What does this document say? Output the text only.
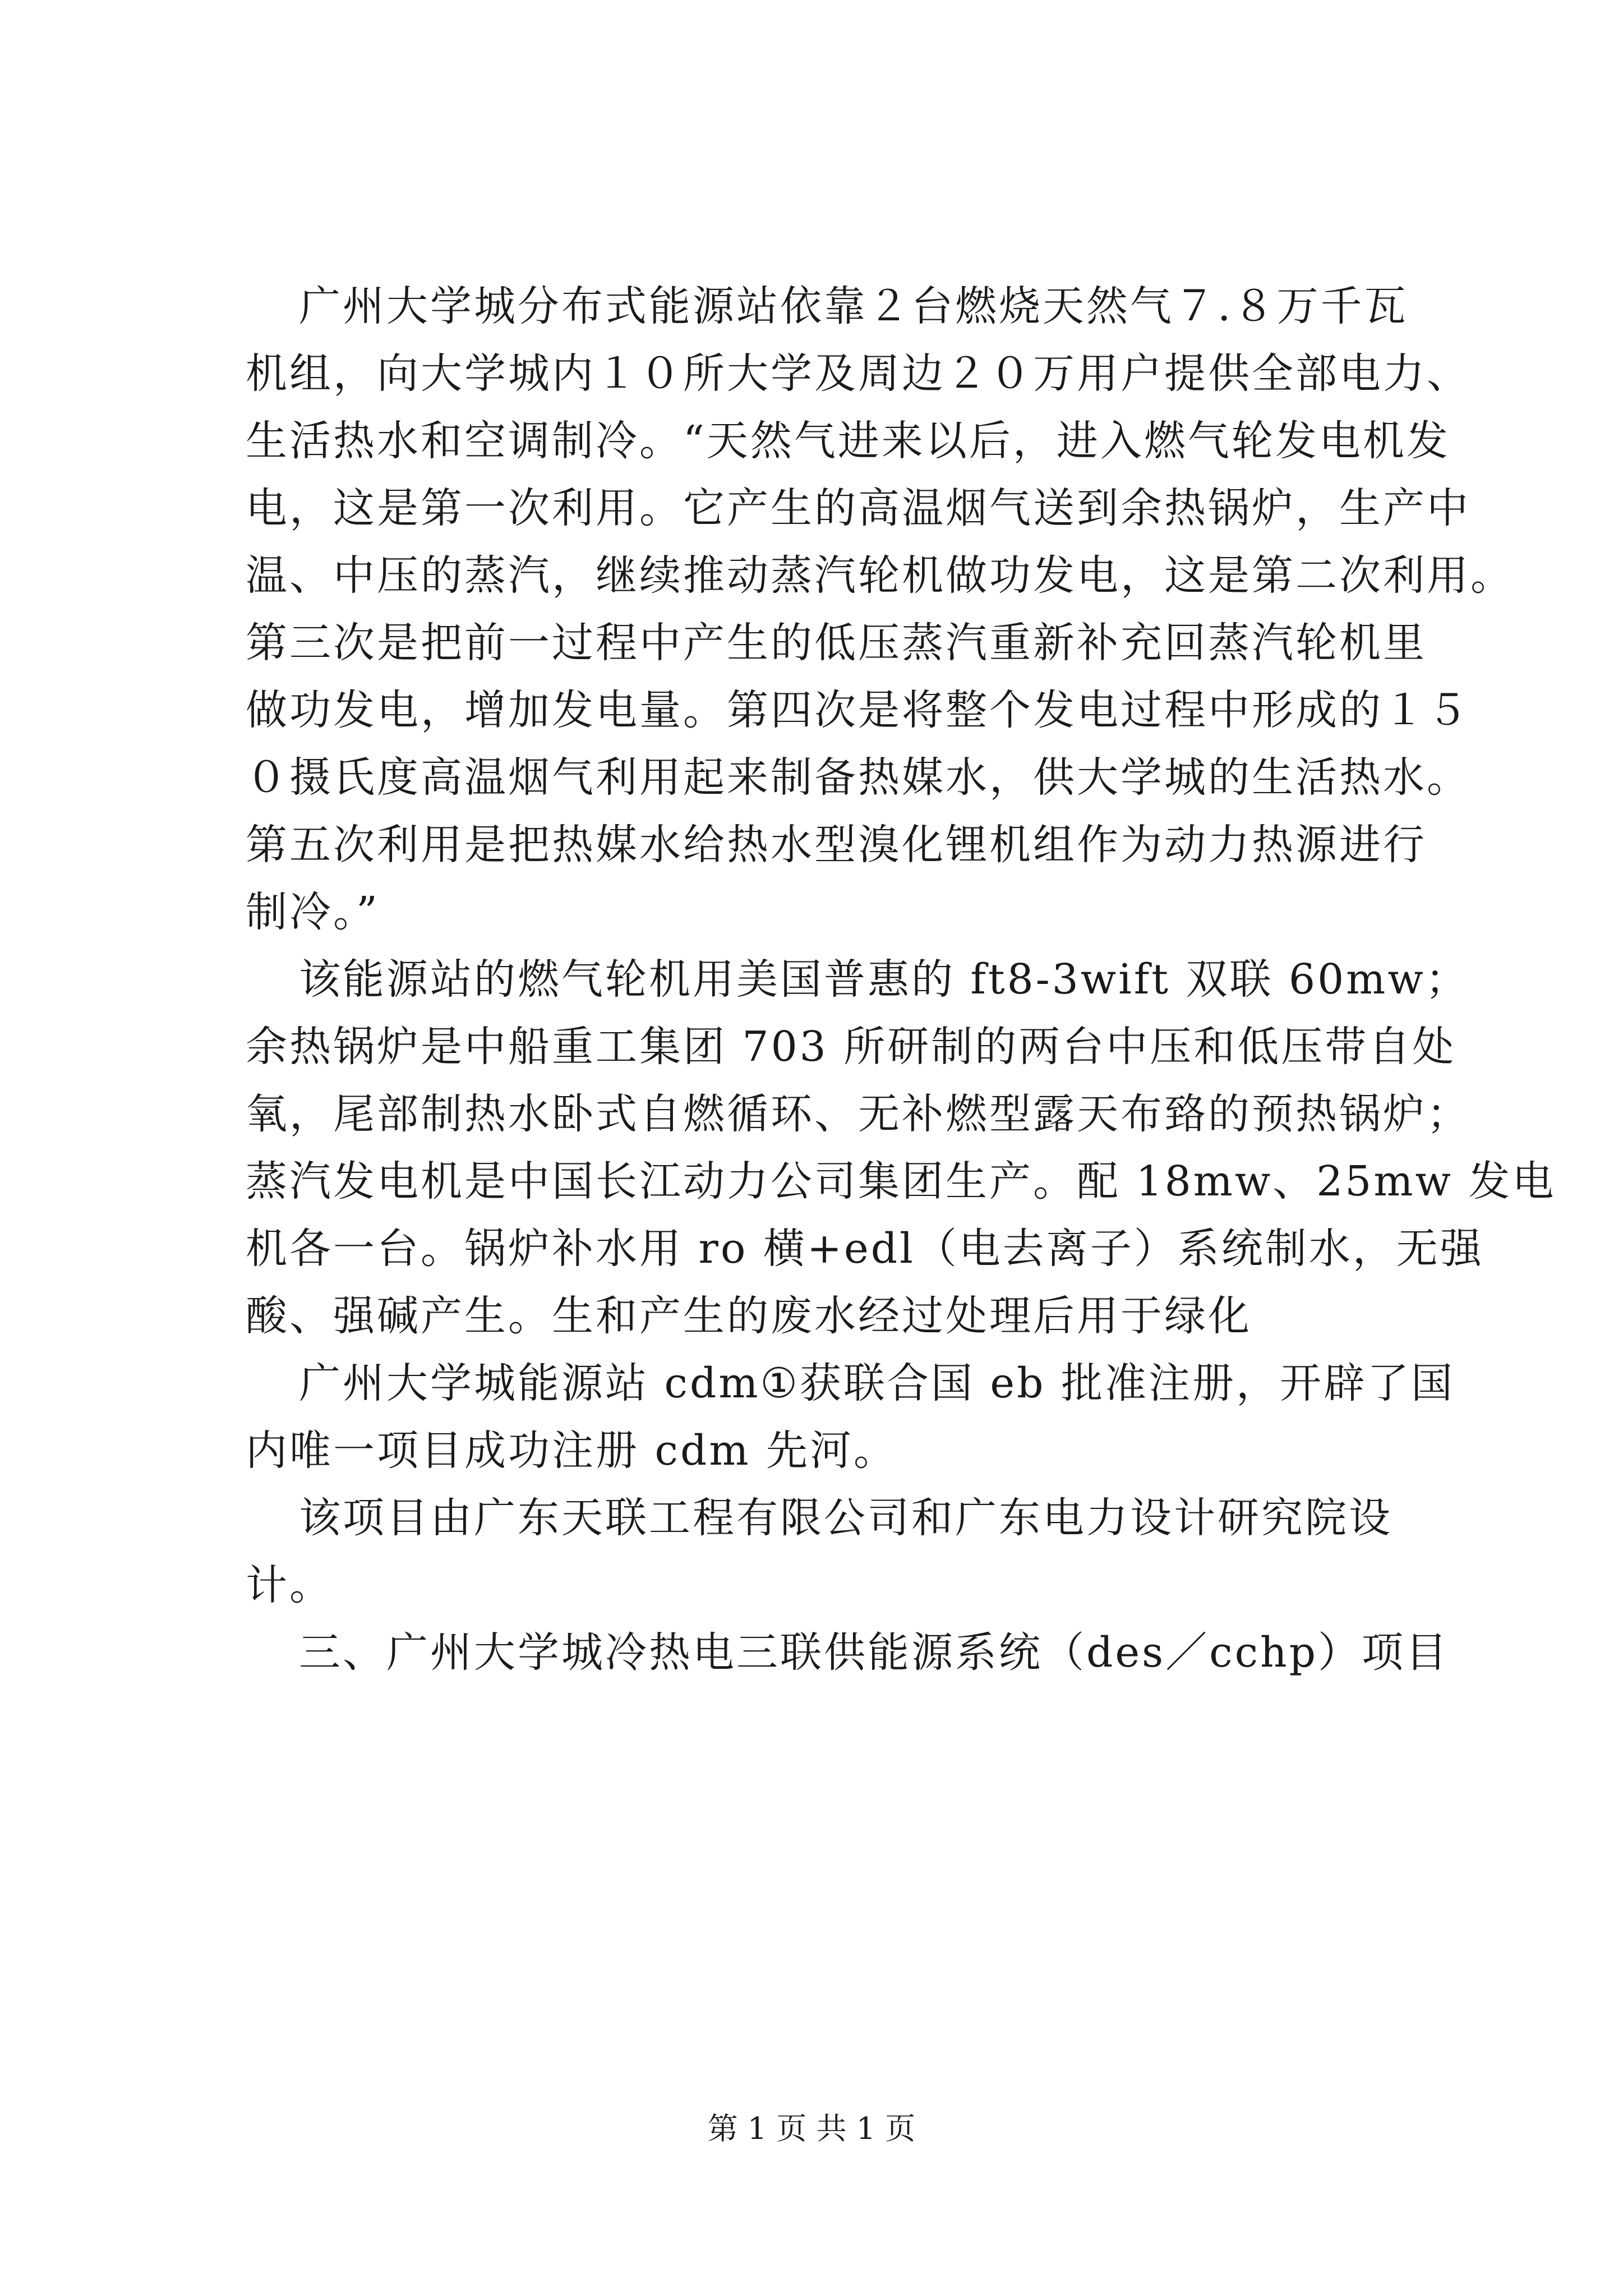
广州大学城分布式能源站依靠２台燃烧天然气７.８万千瓦
机组，向大学城内１０所大学及周边２０万用户提供全部电力、
生活热水和空调制冷。“天然气进来以后，进入燃气轮发电机发
电，这是第一次利用。它产生的高温烟气送到余热锅炉，生产中
温、中压的蒸汽，继续推动蒸汽轮机做功发电，这是第二次利用。
第三次是把前一过程中产生的低压蒸汽重新补充回蒸汽轮机里
做功发电，增加发电量。第四次是将整个发电过程中形成的１５
０摄氏度高温烟气利用起来制备热媒水，供大学城的生活热水。
第五次利用是把热媒水给热水型溴化锂机组作为动力热源进行
制冷。”
该能源站的燃气轮机用美国普惠的 ft8-3wift 双联 60mw；
余热锅炉是中船重工集团 703 所研制的两台中压和低压带自处
氧，尾部制热水卧式自燃循环、无补燃型露天布臵的预热锅炉；
蒸汽发电机是中国长江动力公司集团生产。配 18mw、25mw 发电
机各一台。锅炉补水用 ro 横+edl（电去离子）系统制水，无强
酸、强碱产生。生和产生的废水经过处理后用于绿化
广州大学城能源站 cdm①获联合国 eb 批准注册，开辟了国
内唯一项目成功注册 cdm 先河。
该项目由广东天联工程有限公司和广东电力设计研究院设
计。
三、广州大学城冷热电三联供能源系统（des／cchp）项目
第 1 页 共 1 页
